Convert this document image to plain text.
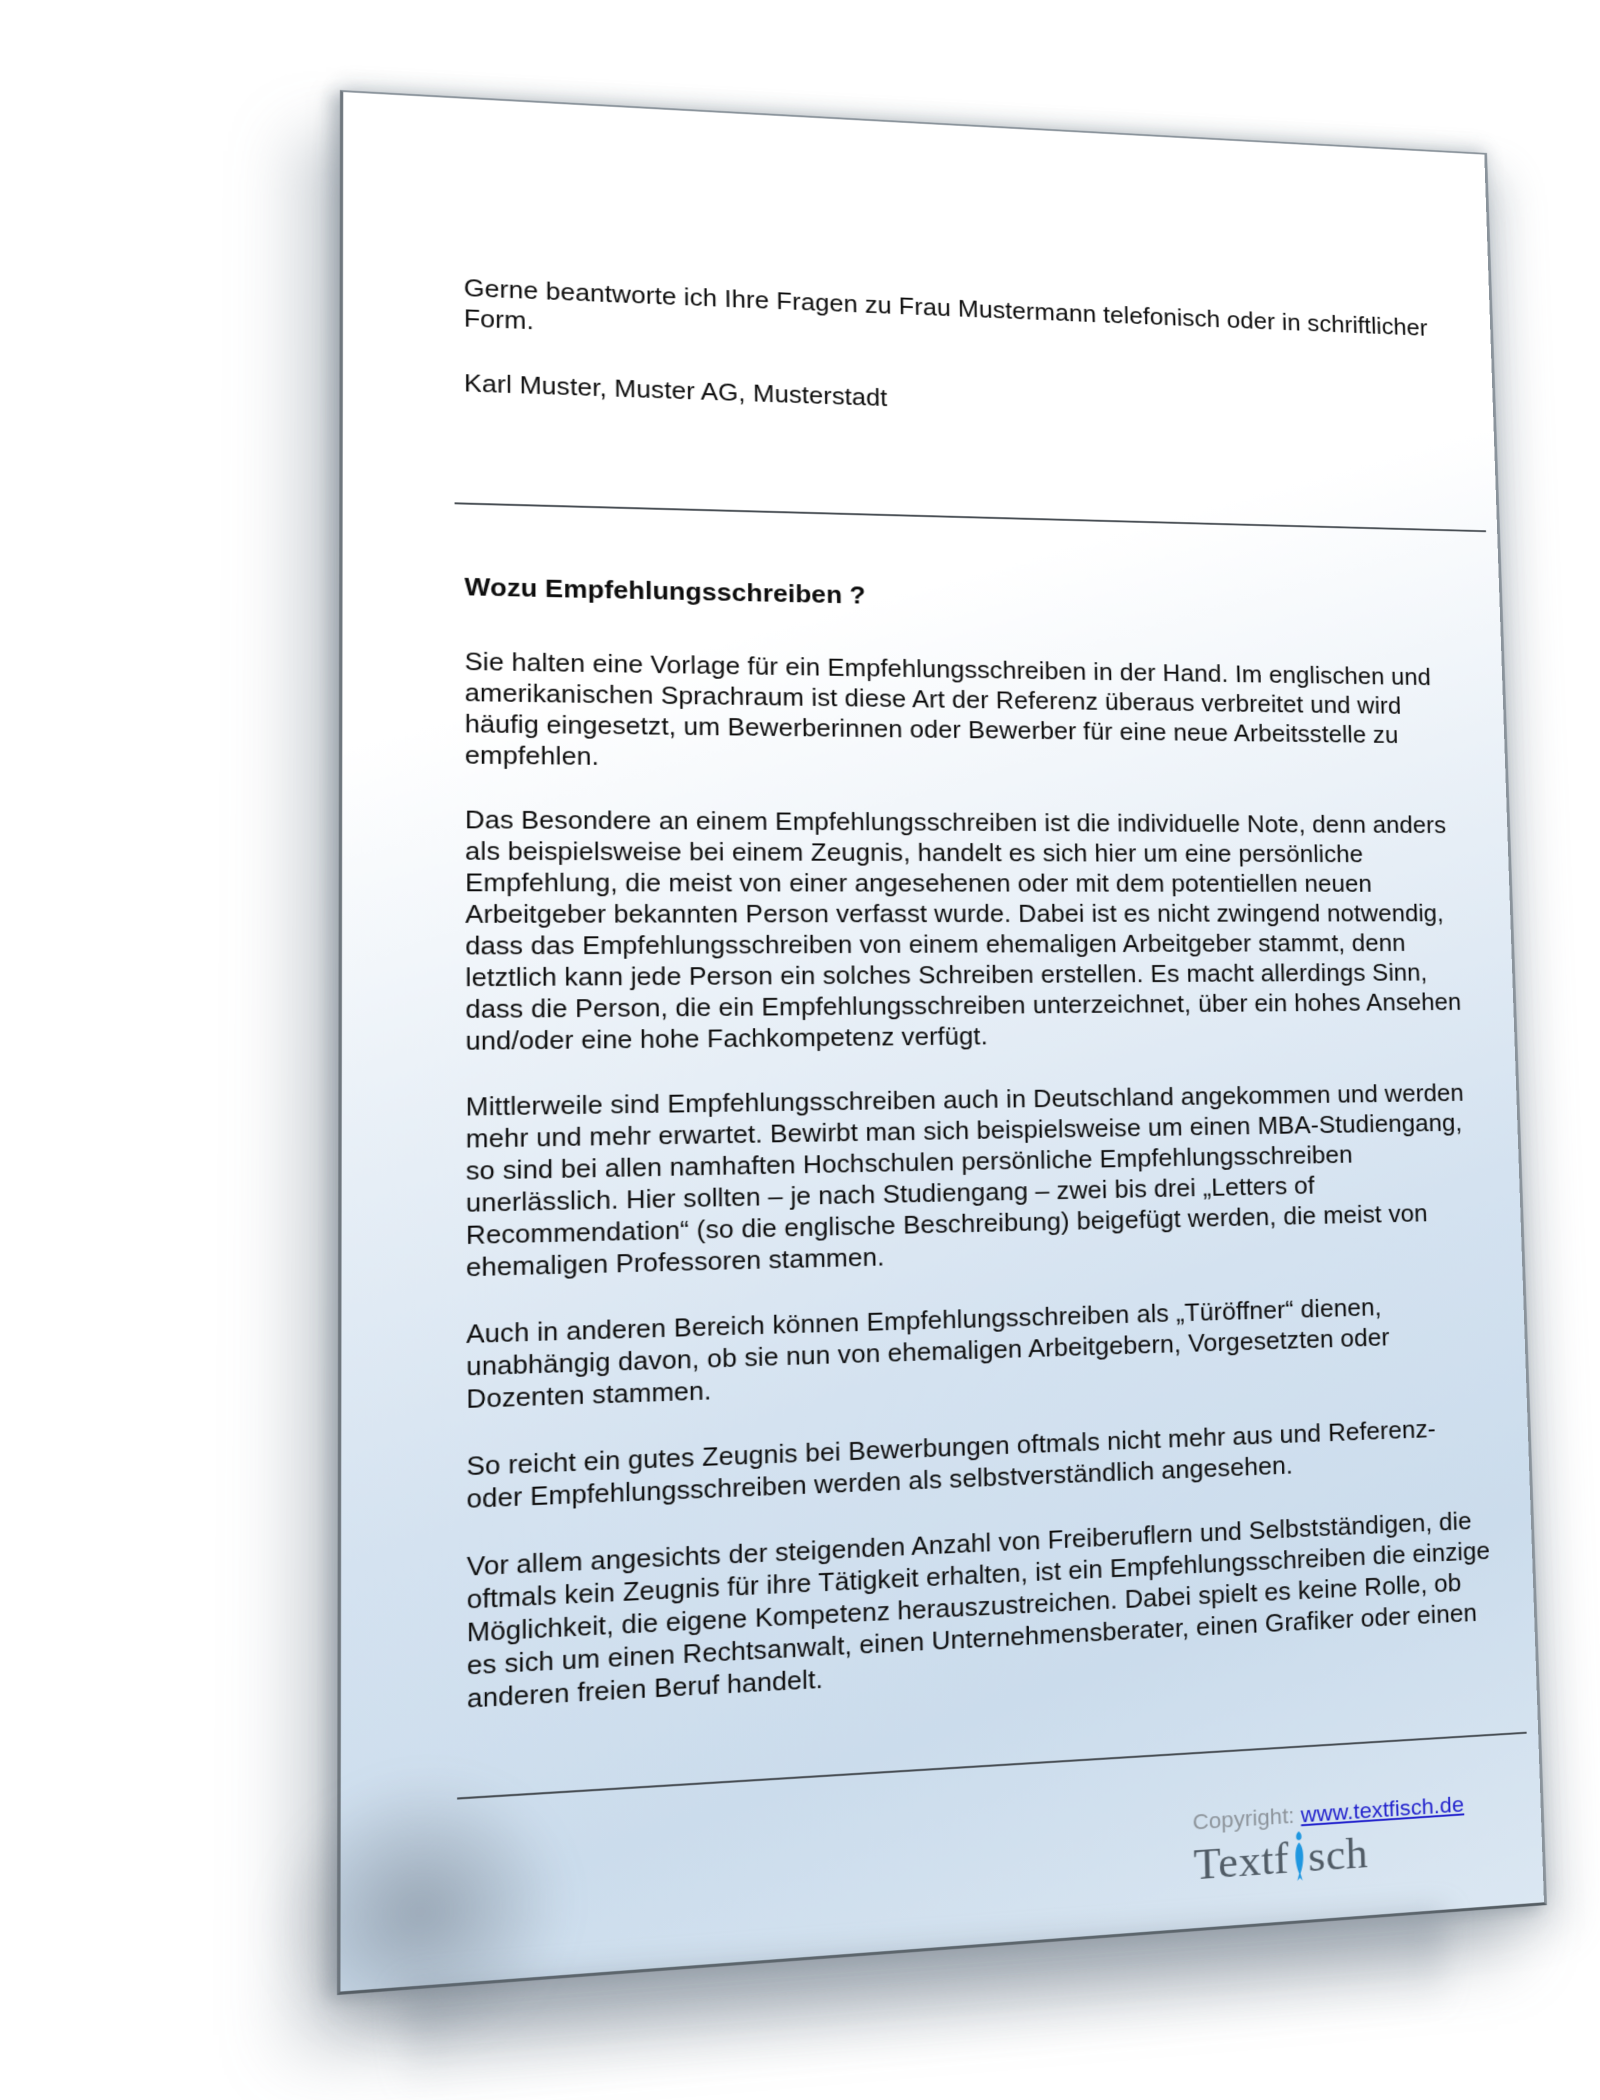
Gerne beantworte ich Ihre Fragen zu Frau Mustermann telefonisch oder in schriftlicher
Form.

Karl Muster, Muster AG, Musterstadt

Wozu Empfehlungsschreiben ?

Sie halten eine Vorlage für ein Empfehlungsschreiben in der Hand. Im englischen und
amerikanischen Sprachraum ist diese Art der Referenz überaus verbreitet und wird
häufig eingesetzt, um Bewerberinnen oder Bewerber für eine neue Arbeitsstelle zu
empfehlen.

Das Besondere an einem Empfehlungsschreiben ist die individuelle Note, denn anders
als beispielsweise bei einem Zeugnis, handelt es sich hier um eine persönliche
Empfehlung, die meist von einer angesehenen oder mit dem potentiellen neuen
Arbeitgeber bekannten Person verfasst wurde. Dabei ist es nicht zwingend notwendig,
dass das Empfehlungsschreiben von einem ehemaligen Arbeitgeber stammt, denn
letztlich kann jede Person ein solches Schreiben erstellen. Es macht allerdings Sinn,
dass die Person, die ein Empfehlungsschreiben unterzeichnet, über ein hohes Ansehen
und/oder eine hohe Fachkompetenz verfügt.

Mittlerweile sind Empfehlungsschreiben auch in Deutschland angekommen und werden
mehr und mehr erwartet. Bewirbt man sich beispielsweise um einen MBA-Studiengang,
so sind bei allen namhaften Hochschulen persönliche Empfehlungsschreiben
unerlässlich. Hier sollten – je nach Studiengang – zwei bis drei „Letters of
Recommendation“ (so die englische Beschreibung) beigefügt werden, die meist von
ehemaligen Professoren stammen.

Auch in anderen Bereich können Empfehlungsschreiben als „Türöffner“ dienen,
unabhängig davon, ob sie nun von ehemaligen Arbeitgebern, Vorgesetzten oder
Dozenten stammen.

So reicht ein gutes Zeugnis bei Bewerbungen oftmals nicht mehr aus und Referenz-
oder Empfehlungsschreiben werden als selbstverständlich angesehen.

Vor allem angesichts der steigenden Anzahl von Freiberuflern und Selbstständigen, die
oftmals kein Zeugnis für ihre Tätigkeit erhalten, ist ein Empfehlungsschreiben die einzige
Möglichkeit, die eigene Kompetenz herauszustreichen. Dabei spielt es keine Rolle, ob
es sich um einen Rechtsanwalt, einen Unternehmensberater, einen Grafiker oder einen
anderen freien Beruf handelt.

Copyright: www.textfisch.de
Textf sch
